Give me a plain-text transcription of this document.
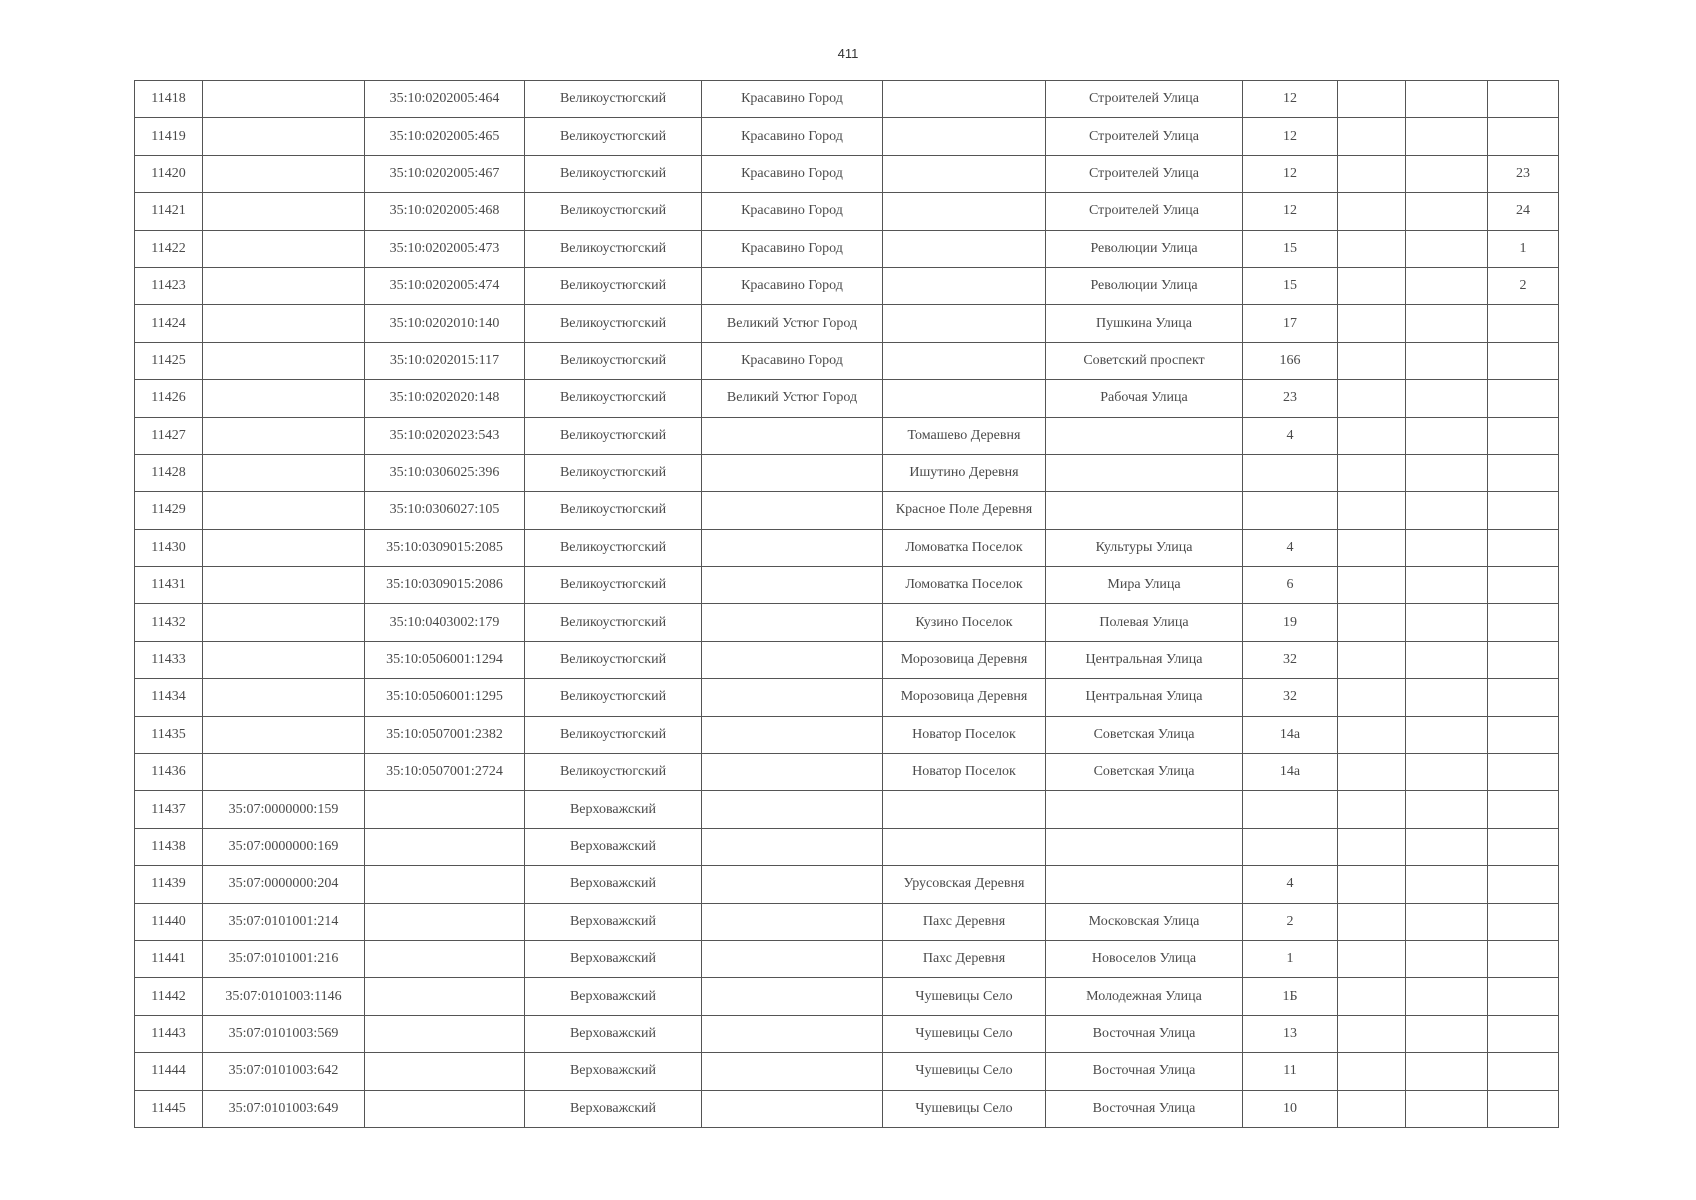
411
11418		35:10:0202005:464	Великоустюгский	Красавино Город		Строителей Улица	12			
11419		35:10:0202005:465	Великоустюгский	Красавино Город		Строителей Улица	12			
11420		35:10:0202005:467	Великоустюгский	Красавино Город		Строителей Улица	12			23
11421		35:10:0202005:468	Великоустюгский	Красавино Город		Строителей Улица	12			24
11422		35:10:0202005:473	Великоустюгский	Красавино Город		Революции Улица	15			1
11423		35:10:0202005:474	Великоустюгский	Красавино Город		Революции Улица	15			2
11424		35:10:0202010:140	Великоустюгский	Великий Устюг Город		Пушкина Улица	17			
11425		35:10:0202015:117	Великоустюгский	Красавино Город		Советский проспект	166			
11426		35:10:0202020:148	Великоустюгский	Великий Устюг Город		Рабочая Улица	23			
11427		35:10:0202023:543	Великоустюгский		Томашево Деревня		4			
11428		35:10:0306025:396	Великоустюгский		Ишутино Деревня					
11429		35:10:0306027:105	Великоустюгский		Красное Поле Деревня					
11430		35:10:0309015:2085	Великоустюгский		Ломоватка Поселок	Культуры Улица	4			
11431		35:10:0309015:2086	Великоустюгский		Ломоватка Поселок	Мира Улица	6			
11432		35:10:0403002:179	Великоустюгский		Кузино Поселок	Полевая Улица	19			
11433		35:10:0506001:1294	Великоустюгский		Морозовица Деревня	Центральная Улица	32			
11434		35:10:0506001:1295	Великоустюгский		Морозовица Деревня	Центральная Улица	32			
11435		35:10:0507001:2382	Великоустюгский		Новатор Поселок	Советская Улица	14а			
11436		35:10:0507001:2724	Великоустюгский		Новатор Поселок	Советская Улица	14а			
11437	35:07:0000000:159		Верховажский							
11438	35:07:0000000:169		Верховажский							
11439	35:07:0000000:204		Верховажский		Урусовская Деревня		4			
11440	35:07:0101001:214		Верховажский		Пахс Деревня	Московская Улица	2			
11441	35:07:0101001:216		Верховажский		Пахс Деревня	Новоселов Улица	1			
11442	35:07:0101003:1146		Верховажский		Чушевицы Село	Молодежная Улица	1Б			
11443	35:07:0101003:569		Верховажский		Чушевицы Село	Восточная Улица	13			
11444	35:07:0101003:642		Верховажский		Чушевицы Село	Восточная Улица	11			
11445	35:07:0101003:649		Верховажский		Чушевицы Село	Восточная Улица	10			
